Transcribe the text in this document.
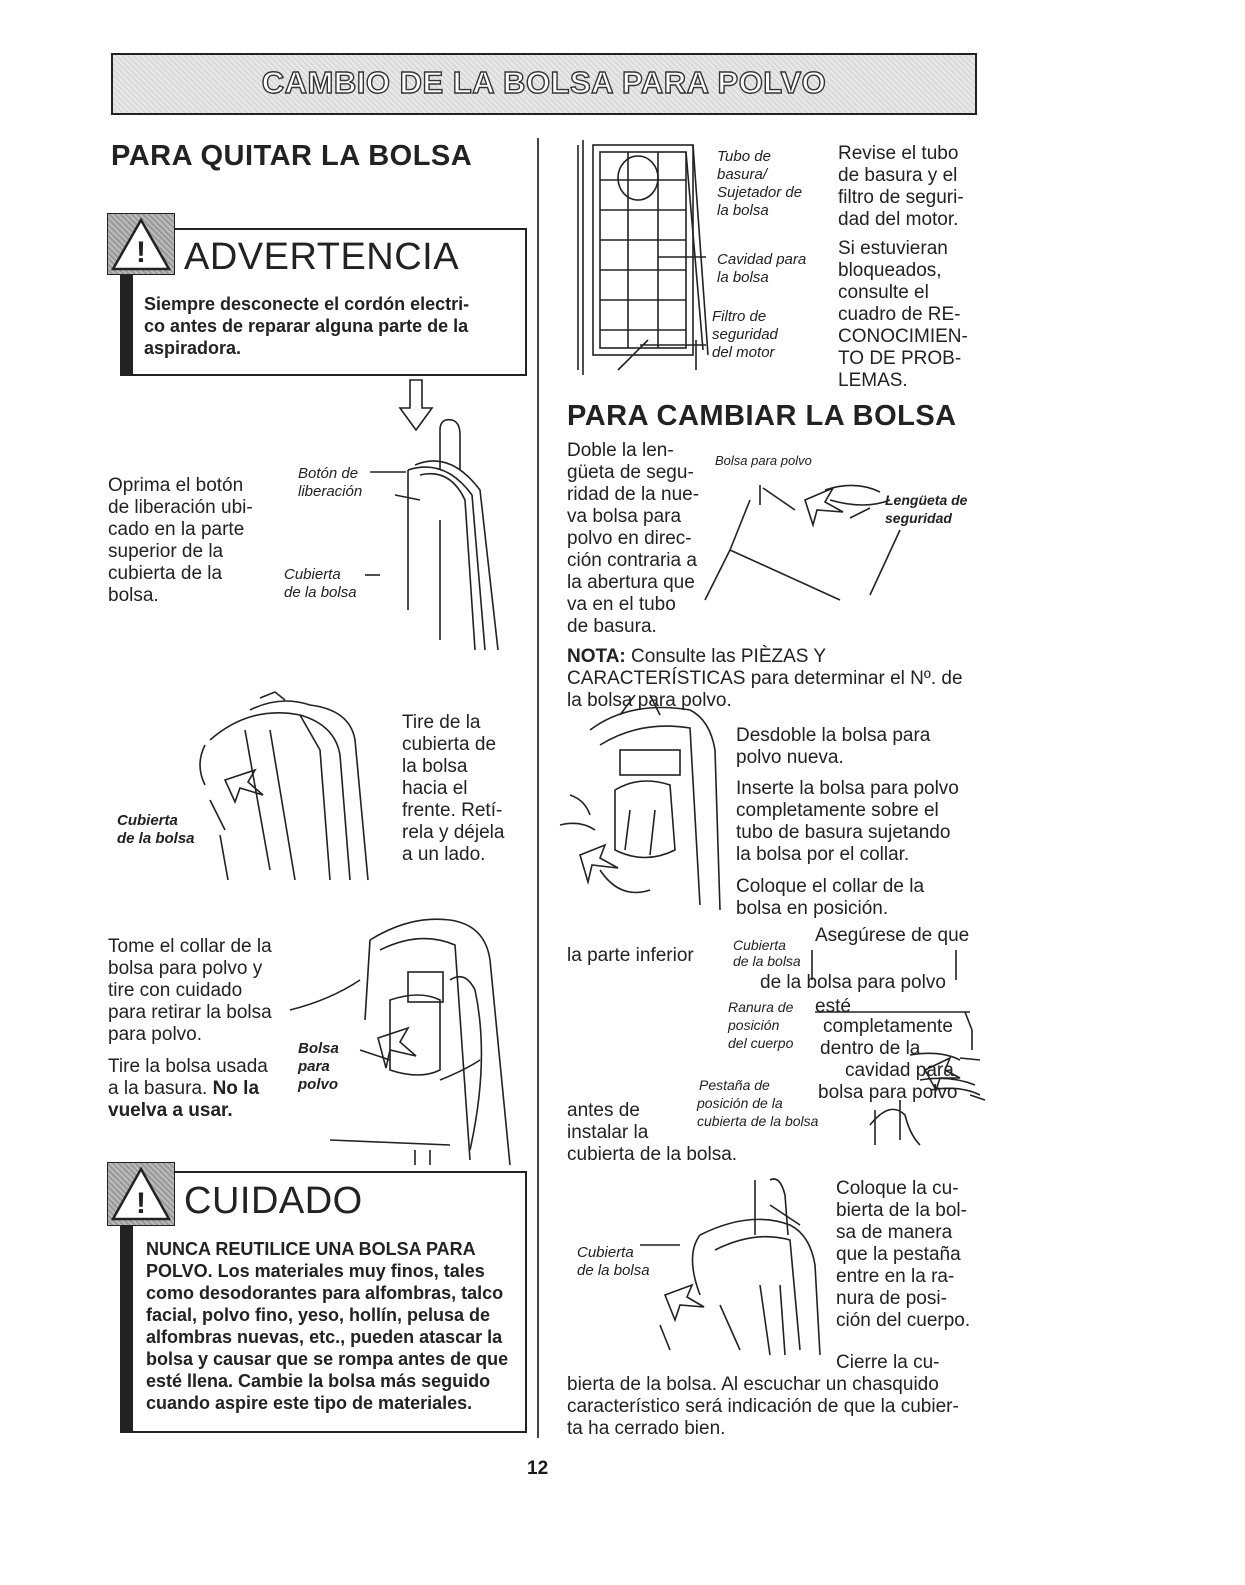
CAMBIO DE LA BOLSA PARA POLVO
PARA QUITAR LA BOLSA
! ADVERTENCIA
Siempre desconecte el cordón electri-
co antes de reparar alguna parte de la
aspiradora.
Oprima el botón
de liberación ubi-
cado en la parte
superior de la
cubierta de la
bolsa.
Botón de
liberación
Cubierta
de la bolsa
Cubierta
de la bolsa
Tire de la
cubierta de
la bolsa
hacia el
frente. Retí-
rela y déjela
a un lado.
Tome el collar de la
bolsa para polvo y
tire con cuidado
para retirar la bolsa
para polvo.
Tire la bolsa usada
a la basura. No la
vuelva a usar.
Bolsa
para
polvo
! CUIDADO
NUNCA REUTILICE UNA BOLSA PARA
POLVO. Los materiales muy finos, tales
como desodorantes para alfombras, talco
facial, polvo fino, yeso, hollín, pelusa de
alfombras nuevas, etc., pueden atascar la
bolsa y causar que se rompa antes de que
esté llena. Cambie la bolsa más seguido
cuando aspire este tipo de materiales.
Tubo de
basura/
Sujetador de
la bolsa
Cavidad para
la bolsa
Filtro de
seguridad
del motor
Revise el tubo
de basura y el
filtro de seguri-
dad del motor.
Si estuvieran
bloqueados,
consulte el
cuadro de RE-
CONOCIMIEN-
TO DE PROB-
LEMAS.
PARA CAMBIAR LA BOLSA
Doble la len-
güeta de segu-
ridad de la nue-
va bolsa para
polvo en direc-
ción contraria a
la abertura que
va en el tubo
de basura.
Bolsa para polvo
Lengüeta de
seguridad
NOTA: Consulte las PIÈZAS Y
CARACTERÍSTICAS para determinar el Nº. de
la bolsa para polvo.
Desdoble la bolsa para
polvo nueva.
Inserte la bolsa para polvo
completamente sobre el
tubo de basura sujetando
la bolsa por el collar.
Coloque el collar de la
bolsa en posición.
Asegúrese de que
la parte inferior
de la bolsa para polvo
esté
completamente
dentro de la
cavidad para
bolsa para polvo
antes de
instalar la
cubierta de la bolsa.
Cubierta
de la bolsa
Ranura de
posición
del cuerpo
Pestaña de
posición de la
cubierta de la bolsa
Cubierta
de la bolsa
Coloque la cu-
bierta de la bol-
sa de manera
que la pestaña
entre en la ra-
nura de posi-
ción del cuerpo.
Cierre la cu-
bierta de la bolsa. Al escuchar un chasquido
característico será indicación de que la cubier-
ta ha cerrado bien.
12
